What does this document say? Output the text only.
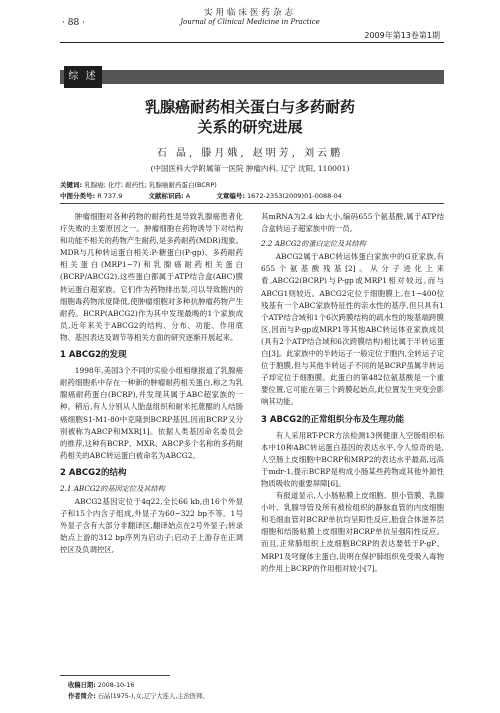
实用临床医药杂志
Journal of Clinical Medicine in Practice
· 88 ·
2009年第13卷第1期
综 述
乳腺癌耐药相关蛋白与多药耐药
关系的研究进展
石 晶, 滕月娥, 赵明芳, 刘云鹏
(中国医科大学附属第一医院 肿瘤内科, 辽宁 沈阳, 110001)
关键词: 乳腺癌; 化疗; 耐药性; 乳腺癌耐药蛋白(BCRP)
中图分类号: R 737.9	文献标识码: A	文章编号: 1672-2353(2009)01-0088-04

肿瘤细胞对各种药物的耐药性是导致乳腺癌患者化疗失败的主要原因之一。肿瘤细胞在药物诱导下对结构和功能不相关的药物产生耐药,是多药耐药(MDR)现象。MDR与几种转运蛋白相关:P-糖蛋白(P-gp)、多药耐药相关蛋白(MRP1~7)和乳腺癌耐药相关蛋白(BCRP/ABCG2),这些蛋白都属于ATP结合盒(ABC)膜转运蛋白超家族。它们作为药物排出泵,可以导致胞内的细胞毒药物浓度降低,使肿瘤细胞对多种抗肿瘤药物产生耐药。BCRP(ABCG2)作为其中发现最晚的1个家族成员,近年来关于ABCG2的结构、分布、功能、作用底物、基因表达及调节等相关方面的研究逐渐开展起来。

1 ABCG2的发现

1998年,美国3个不同的实验小组相继报道了乳腺癌耐药细胞系中存在一种新的肿瘤耐药相关蛋白,称之为乳腺癌耐药蛋白(BCRP),并发现其属于ABC超家族的一种。稍后,有人分别从人胎盘组织和耐米托蒽醌的人结肠癌细胞S1-M1-80中克隆到BCRP基因,因而BCRP又分别被称为ABCP和MXR[1]。依据人类基因命名委员会的推荐,这种有BCRP、MXR、ABCP多个名称的多药耐药相关的ABC转运蛋白被命名为ABCG2。

2 ABCG2的结构
2.1 ABCG2的基因定位及其结构

ABCG2基因定位于4q22,全长66 kb,由16个外显子和15个内含子组成,外显子为60~322 bp不等。1号外显子含有大部分非翻译区,翻译始点在2号外显子;转录始点上游的312 bp序列为启动子;启动子上游存在正调控区及负调控区,

其mRNA为2.4 kb大小,编码655个氨基酸,属于ATP结合盒转运子超家族中的一员。

2.2 ABCG2的蛋白定位及其结构

ABCG2属于ABC转运体蛋白家族中的G亚家族,有655个氨基酸残基[2]。从分子进化上来看,ABCG2(BCRP)与P-gp或MRP1相对较远,而与ABCG1则较近。ABCG2定位于细胞膜上,在1~400位残基有一个ABC家族特征性的亲水性的基序,但只具有1个ATP结合域和1个6次跨膜结构的疏水性的羧基端跨膜区,因而与P-gp或MRP1等其他ABC转运体亚家族成员(具有2个ATP结合域和6次跨膜结构)相比属于半转运蛋白[3]。此家族中的半转运子一般定位于胞内,全转运子定位于胞膜,但与其他半转运子不同的是BCRP虽属半转运子却定位于细胞膜。此蛋白的第482位氨基酸是一个重要位置,它可能在第三个跨膜起始点,此位置发生突变会影响其功能。

3 ABCG2的正常组织分布及生理功能

有人采用RT-PCR方法检测13例健康人空肠组织标本中10种ABC转运蛋白基因的表达水平,令人惊奇的是,人空肠上皮细胞中BCRP和MRP2的表达水平最高,远高于mdr-1,提示BCRP是构成小肠某些药物或其他外源性物质吸收的重要屏障[6]。

有报道显示,人小肠粘膜上皮细胞、胆小管膜、乳腺小叶、乳腺导管及所有被检组织的静脉血管的内皮细胞和毛细血管对BCRP单抗均呈阳性反应,胎盘合体滋养层细胞和结肠粘膜上皮细胞对BCRP单抗呈强阳性反应。而且,正常肺组织上皮细胞BCRP的表达要低于P-gP、MRP1及穹窿体主蛋白,说明在保护肺组织免受吸入毒物的作用上BCRP的作用相对较小[7]。

收稿日期: 2008-10-16
作者简介: 石晶(1975-),女,辽宁大连人,主治医师。
